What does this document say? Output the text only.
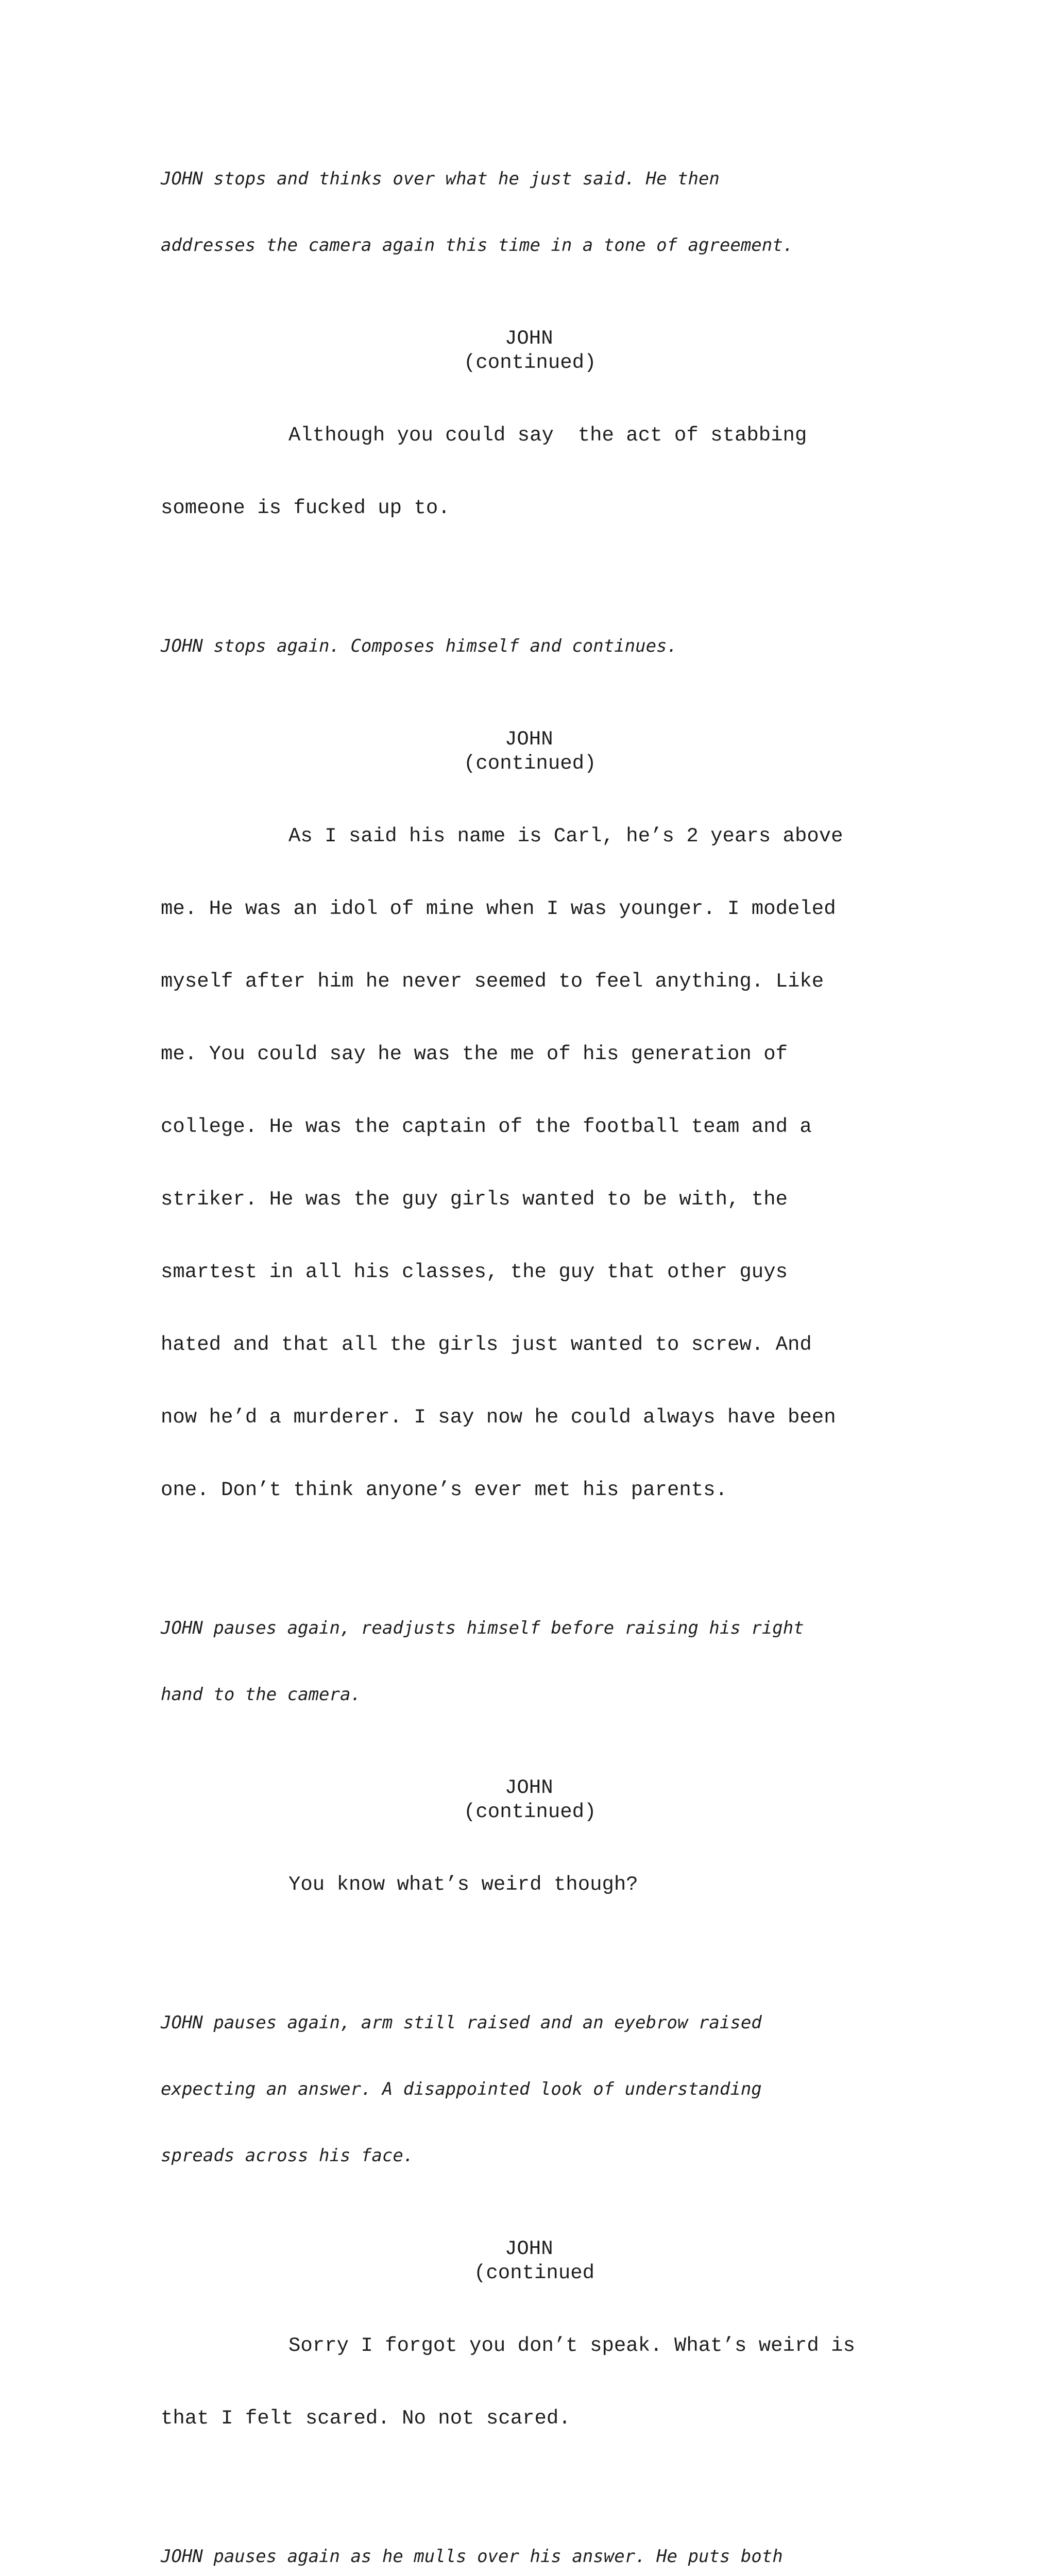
JOHN stops and thinks over what he just said. He then

addresses the camera again this time in a tone of agreement.

JOHN

(continued)

Although you could say  the act of stabbing

someone is fucked up to.

JOHN stops again. Composes himself and continues.

JOHN

(continued)

As I said his name is Carl, he’s 2 years above

me. He was an idol of mine when I was younger. I modeled

myself after him he never seemed to feel anything. Like

me. You could say he was the me of his generation of

college. He was the captain of the football team and a

striker. He was the guy girls wanted to be with, the

smartest in all his classes, the guy that other guys

hated and that all the girls just wanted to screw. And

now he’d a murderer. I say now he could always have been

one. Don’t think anyone’s ever met his parents.

JOHN pauses again, readjusts himself before raising his right

hand to the camera.

JOHN

(continued)

You know what’s weird though?

JOHN pauses again, arm still raised and an eyebrow raised

expecting an answer. A disappointed look of understanding

spreads across his face.

JOHN

(continued

Sorry I forgot you don’t speak. What’s weird is

that I felt scared. No not scared.

JOHN pauses again as he mulls over his answer. He puts both
